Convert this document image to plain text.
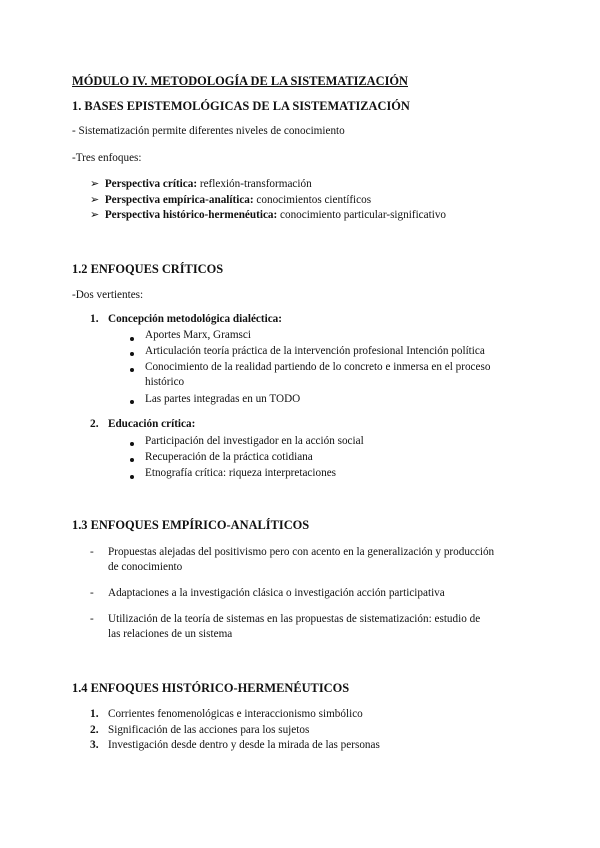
MÓDULO IV. METODOLOGÍA DE LA SISTEMATIZACIÓN
1. BASES EPISTEMOLÓGICAS DE LA SISTEMATIZACIÓN
- Sistematización permite diferentes niveles de conocimiento
-Tres enfoques:
➢ Perspectiva crítica: reflexión-transformación
➢ Perspectiva empírica-analítica: conocimientos científicos
➢ Perspectiva histórico-hermenéutica: conocimiento particular-significativo
1.2 ENFOQUES CRÍTICOS
-Dos vertientes:
1. Concepción metodológica dialéctica:
Aportes Marx, Gramsci
Articulación teoría práctica de la intervención profesional Intención política
Conocimiento de la realidad partiendo de lo concreto e inmersa en el proceso
histórico
Las partes integradas en un TODO
2. Educación crítica:
Participación del investigador en la acción social
Recuperación de la práctica cotidiana
Etnografía crítica: riqueza interpretaciones
1.3 ENFOQUES EMPÍRICO-ANALÍTICOS
- Propuestas alejadas del positivismo pero con acento en la generalización y producción
de conocimiento
- Adaptaciones a la investigación clásica o investigación acción participativa
- Utilización de la teoría de sistemas en las propuestas de sistematización: estudio de
las relaciones de un sistema
1.4 ENFOQUES HISTÓRICO-HERMENÉUTICOS
1. Corrientes fenomenológicas e interaccionismo simbólico
2. Significación de las acciones para los sujetos
3. Investigación desde dentro y desde la mirada de las personas
